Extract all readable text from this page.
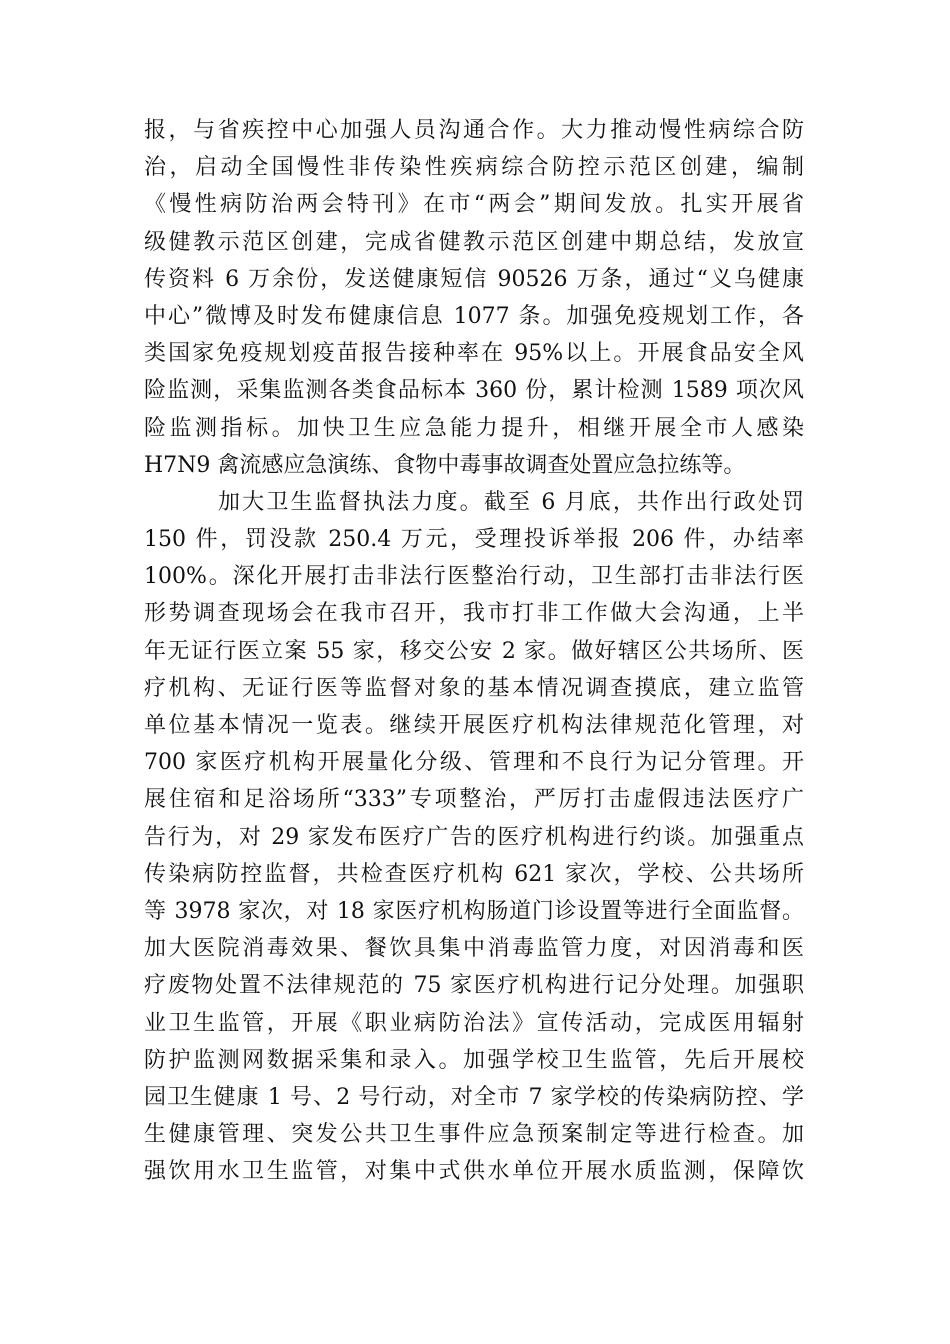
报，与省疾控中心加强人员沟通合作。大力推动慢性病综合防
治，启动全国慢性非传染性疾病综合防控示范区创建，编制
《慢性病防治两会特刊》在市“两会”期间发放。扎实开展省
级健教示范区创建，完成省健教示范区创建中期总结，发放宣
传资料 6 万余份，发送健康短信 90526 万条，通过“义乌健康
中心”微博及时发布健康信息 1077 条。加强免疫规划工作，各
类国家免疫规划疫苗报告接种率在 95%以上。开展食品安全风
险监测，采集监测各类食品标本 360 份，累计检测 1589 项次风
险监测指标。加快卫生应急能力提升，相继开展全市人感染
H7N9 禽流感应急演练、食物中毒事故调查处置应急拉练等。
加大卫生监督执法力度。截至 6 月底，共作出行政处罚
150 件，罚没款 250.4 万元，受理投诉举报 206 件，办结率
100%。深化开展打击非法行医整治行动，卫生部打击非法行医
形势调查现场会在我市召开，我市打非工作做大会沟通，上半
年无证行医立案 55 家，移交公安 2 家。做好辖区公共场所、医
疗机构、无证行医等监督对象的基本情况调查摸底，建立监管
单位基本情况一览表。继续开展医疗机构法律规范化管理，对
700 家医疗机构开展量化分级、管理和不良行为记分管理。开
展住宿和足浴场所“333”专项整治，严厉打击虚假违法医疗广
告行为，对 29 家发布医疗广告的医疗机构进行约谈。加强重点
传染病防控监督，共检查医疗机构 621 家次，学校、公共场所
等 3978 家次，对 18 家医疗机构肠道门诊设置等进行全面监督。
加大医院消毒效果、餐饮具集中消毒监管力度，对因消毒和医
疗废物处置不法律规范的 75 家医疗机构进行记分处理。加强职
业卫生监管，开展《职业病防治法》宣传活动，完成医用辐射
防护监测网数据采集和录入。加强学校卫生监管，先后开展校
园卫生健康 1 号、2 号行动，对全市 7 家学校的传染病防控、学
生健康管理、突发公共卫生事件应急预案制定等进行检查。加
强饮用水卫生监管，对集中式供水单位开展水质监测，保障饮
